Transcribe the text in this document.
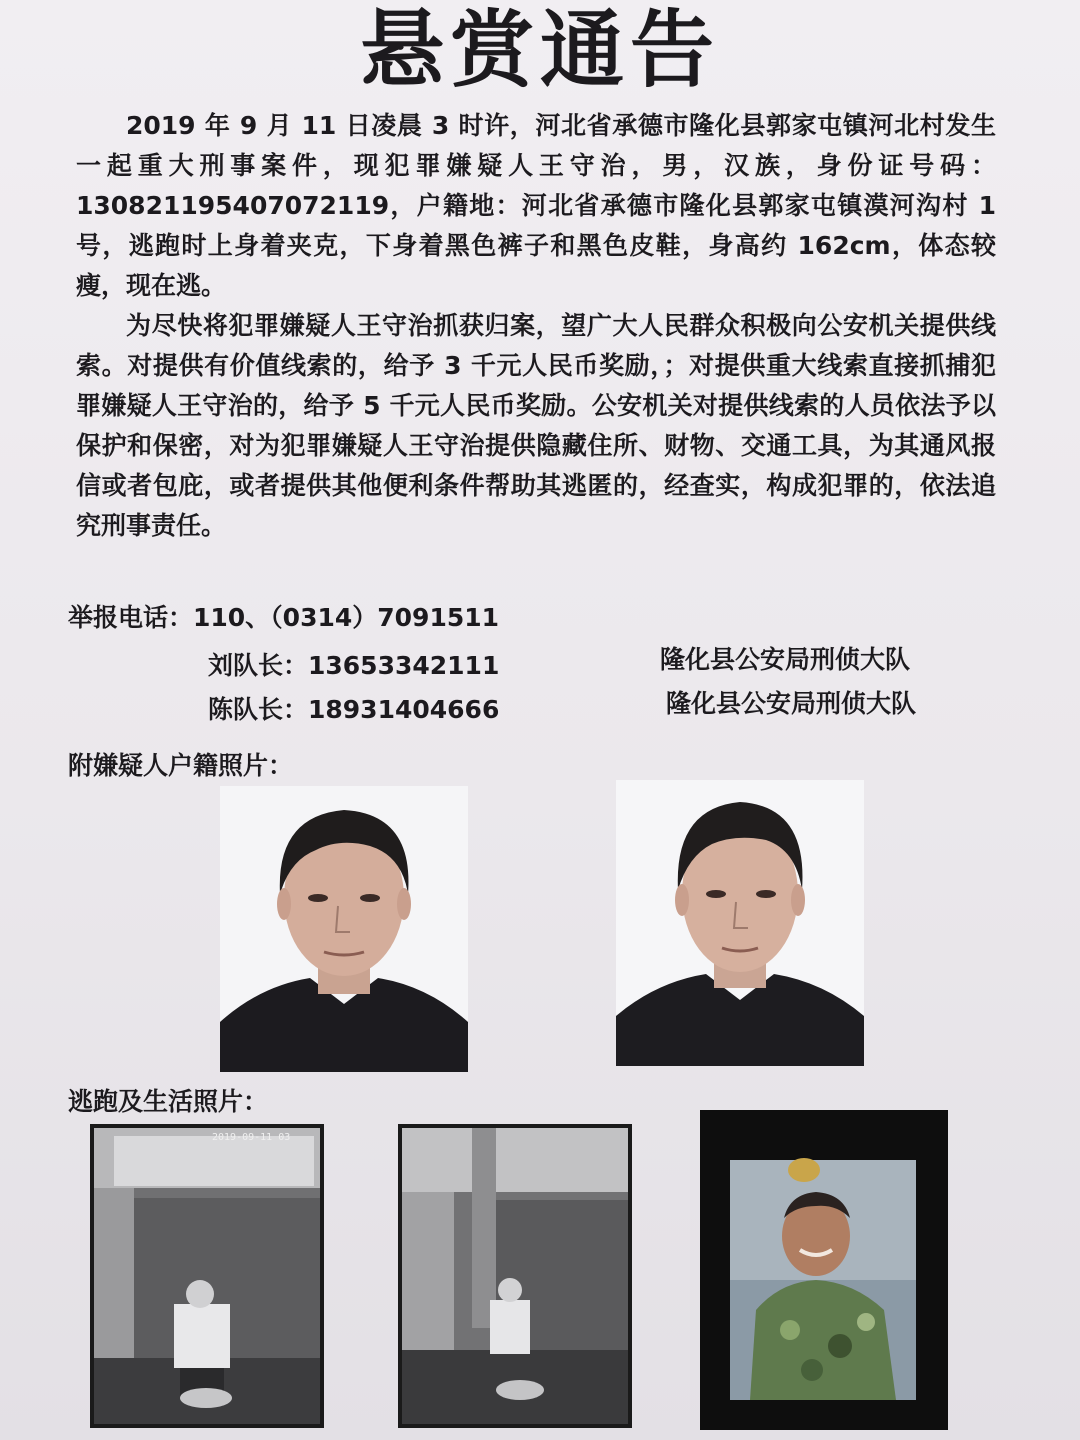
悬赏通告

2019 年 9 月 11 日凌晨 3 时许，河北省承德市隆化县郭家屯镇河北村发生一起重大刑事案件，现犯罪嫌疑人王守治，男，汉族，身份证号码：130821195407072119，户籍地：河北省承德市隆化县郭家屯镇漠河沟村 1 号，逃跑时上身着夹克，下身着黑色裤子和黑色皮鞋，身高约 162cm，体态较瘦，现在逃。

为尽快将犯罪嫌疑人王守治抓获归案，望广大人民群众积极向公安机关提供线索。对提供有价值线索的，给予 3 千元人民币奖励，；对提供重大线索直接抓捕犯罪嫌疑人王守治的，给予 5 千元人民币奖励。公安机关对提供线索的人员依法予以保护和保密，对为犯罪嫌疑人王守治提供隐藏住所、财物、交通工具，为其通风报信或者包庇，或者提供其他便利条件帮助其逃匿的，经查实，构成犯罪的，依法追究刑事责任。

举报电话：110、（0314）7091511
刘队长：13653342111
陈队长：18931404666
隆化县公安局刑侦大队
隆化县公安局刑侦大队
附嫌疑人户籍照片：
逃跑及生活照片：
2019-09-11 03
